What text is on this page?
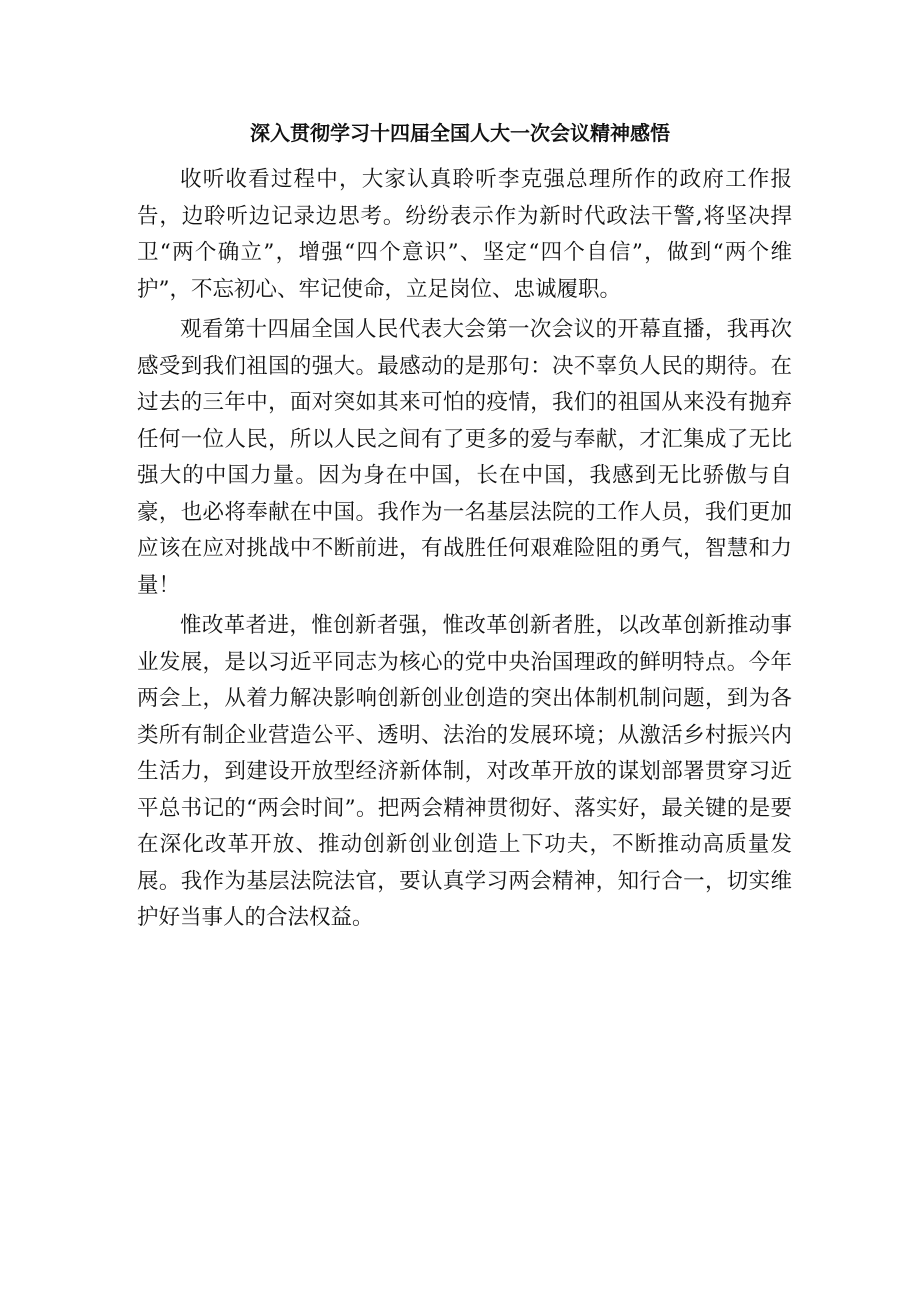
深入贯彻学习十四届全国人大一次会议精神感悟

收听收看过程中，大家认真聆听李克强总理所作的政府工作报告，边聆听边记录边思考。纷纷表示作为新时代政法干警,将坚决捍卫“两个确立”，增强“四个意识”、坚定“四个自信”，做到“两个维护”，不忘初心、牢记使命，立足岗位、忠诚履职。

观看第十四届全国人民代表大会第一次会议的开幕直播，我再次感受到我们祖国的强大。最感动的是那句：决不辜负人民的期待。在过去的三年中，面对突如其来可怕的疫情，我们的祖国从来没有抛弃任何一位人民，所以人民之间有了更多的爱与奉献，才汇集成了无比强大的中国力量。因为身在中国，长在中国，我感到无比骄傲与自豪，也必将奉献在中国。我作为一名基层法院的工作人员，我们更加应该在应对挑战中不断前进，有战胜任何艰难险阻的勇气，智慧和力量！

惟改革者进，惟创新者强，惟改革创新者胜，以改革创新推动事业发展，是以习近平同志为核心的党中央治国理政的鲜明特点。今年两会上，从着力解决影响创新创业创造的突出体制机制问题，到为各类所有制企业营造公平、透明、法治的发展环境；从激活乡村振兴内生活力，到建设开放型经济新体制，对改革开放的谋划部署贯穿习近平总书记的“两会时间”。把两会精神贯彻好、落实好，最关键的是要在深化改革开放、推动创新创业创造上下功夫，不断推动高质量发展。我作为基层法院法官，要认真学习两会精神，知行合一，切实维护好当事人的合法权益。
